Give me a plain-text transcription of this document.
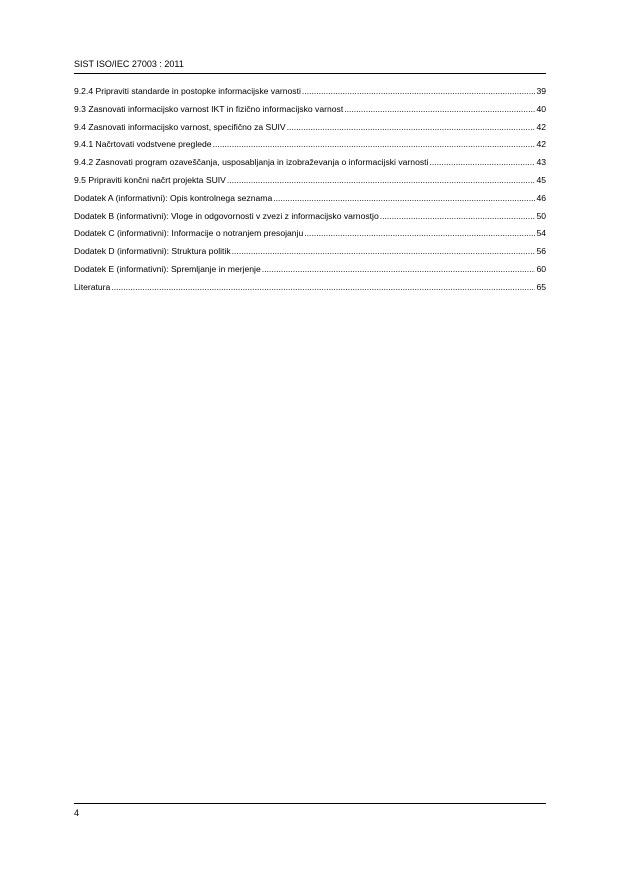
SIST ISO/IEC 27003 : 2011
9.2.4 Pripraviti standarde in postopke informacijske varnosti .....	39
9.3 Zasnovati informacijsko varnost IKT in fizično informacijsko varnost .....	40
9.4 Zasnovati informacijsko varnost, specifično za SUIV .....	42
9.4.1 Načrtovati vodstvene preglede .....	42
9.4.2 Zasnovati program ozaveščanja, usposabljanja in izobraževanja o informacijski varnosti .....	43
9.5 Pripraviti končni načrt projekta SUIV .....	45
Dodatek A (informativni): Opis kontrolnega seznama .....	46
Dodatek B (informativni): Vloge in odgovornosti v zvezi z informacijsko varnostjo .....	50
Dodatek C (informativni): Informacije o notranjem presojanju .....	54
Dodatek D (informativni): Struktura politik .....	56
Dodatek E (informativni): Spremljanje in merjenje .....	60
Literatura .....	65
4
